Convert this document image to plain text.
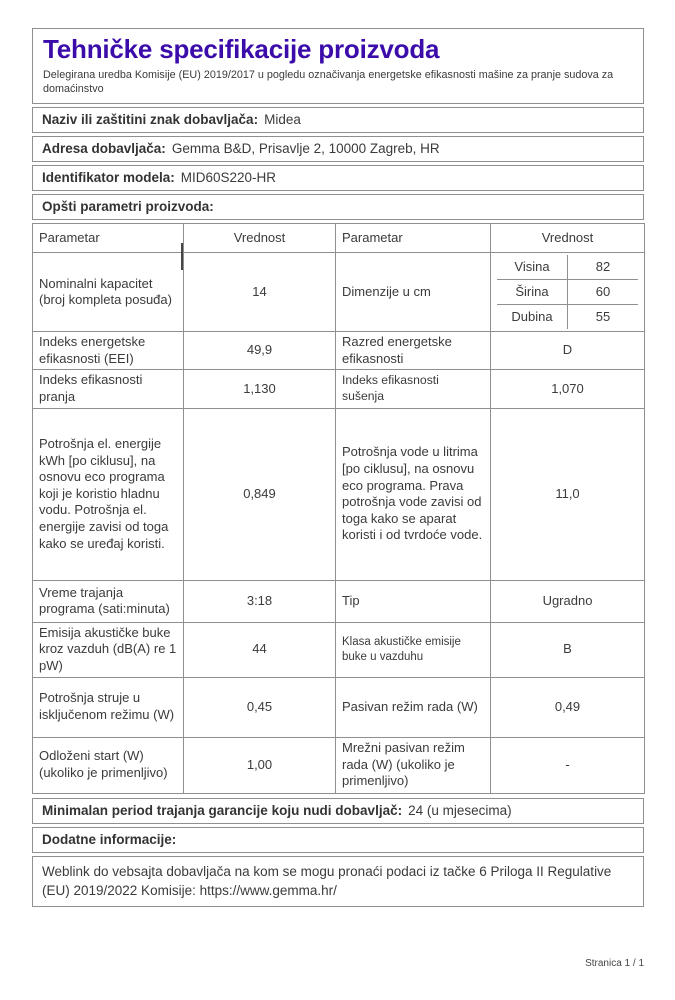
Tehničke specifikacije proizvoda

Delegirana uredba Komisije (EU) 2019/2017 u pogledu označivanja energetske efikasnosti mašine za pranje sudova za domaćinstvo

Naziv ili zaštitini znak dobavljača: Midea
Adresa dobavljača: Gemma B&D, Prisavlje 2, 10000 Zagreb, HR
Identifikator modela: MID60S220-HR
Opšti parametri proizvoda:
Parametar	Vrednost	Parametar	Vrednost
Nominalni kapacitet (broj kompleta posuđa)	14	Dimenzije u cm	
Visina	82
Širina	60
Dubina	55

Indeks energetske efikasnosti (EEI)	49,9	Razred energetske efikasnosti	D
Indeks efikasnosti pranja	1,130	Indeks efikasnosti sušenja	1,070
Potrošnja el. energije kWh [po ciklusu], na osnovu eco programa koji je koristio hladnu vodu. Potrošnja el. energije zavisi od toga kako se uređaj koristi.	0,849	Potrošnja vode u litrima [po ciklusu], na osnovu eco programa. Prava potrošnja vode zavisi od toga kako se aparat koristi i od tvrdoće vode.	11,0
Vreme trajanja programa (sati:minuta)	3:18	Tip	Ugradno
Emisija akustičke buke kroz vazduh (dB(A) re 1 pW)	44	Klasa akustičke emisije buke u vazduhu	B
Potrošnja struje u isključenom režimu (W)	0,45	Pasivan režim rada (W)	0,49
Odloženi start (W) (ukoliko je primenljivo)	1,00	Mrežni pasivan režim rada (W) (ukoliko je primenljivo)	-
Minimalan period trajanja garancije koju nudi dobavljač: 24 (u mjesecima)
Dodatne informacije:
Weblink do vebsajta dobavljača na kom se mogu pronaći podaci iz tačke 6 Priloga II Regulative (EU) 2019/2022 Komisije: https://www.gemma.hr/
Stranica 1 / 1
